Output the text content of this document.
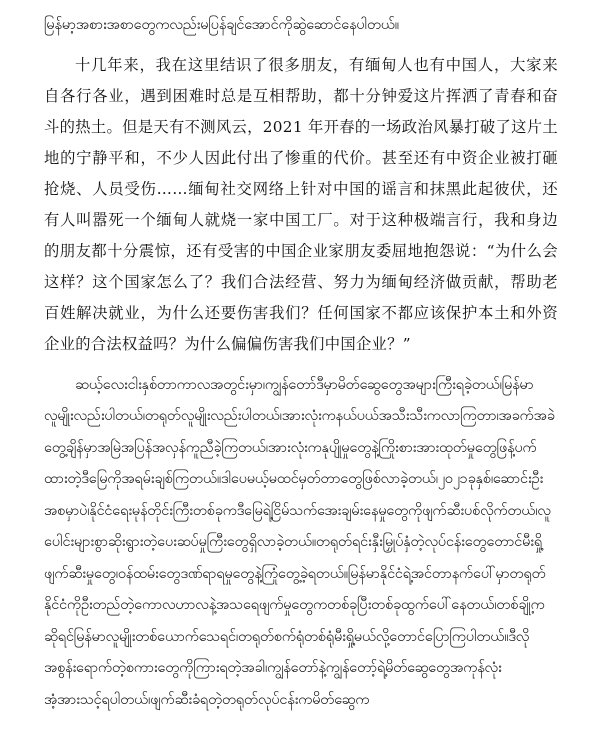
မြန်မာ့အစားအစာတွေကလည်းမပြန်ချင်အောင်ကိုဆွဲဆောင်နေပါတယ်။

十几年来，我在这里结识了很多朋友，有缅甸人也有中国人，大家来自各行各业，遇到困难时总是互相帮助，都十分钟爱这片挥洒了青春和奋斗的热土。但是天有不测风云，2021 年开春的一场政治风暴打破了这片土地的宁静平和，不少人因此付出了惨重的代价。甚至还有中资企业被打砸抢烧、人员受伤……缅甸社交网络上针对中国的谣言和抹黑此起彼伏，还有人叫嚣死一个缅甸人就烧一家中国工厂。对于这种极端言行，我和身边的朋友都十分震惊，还有受害的中国企业家朋友委屈地抱怨说：“为什么会这样？这个国家怎么了？我们合法经营、努力为缅甸经济做贡献，帮助老百姓解决就业，为什么还要伤害我们？任何国家不都应该保护本土和外资企业的合法权益吗？为什么偏偏伤害我们中国企业？”

ဆယ့်လေးငါးနှစ်တာကာလအတွင်းမှာ၊ကျွန်တော်ဒီမှာမိတ်ဆွေတွေအများကြီးရခဲ့တယ်၊မြန်မာလူမျိုးလည်းပါတယ်၊တရုတ်လူမျိုးလည်းပါတယ်၊အားလုံးကနယ်ပယ်အသီးသီးကလာကြတာ၊အခက်အခဲတွေ့ချိန်မှာအမြဲအပြန်အလှန်ကူညီခဲ့ကြတယ်၊အားလုံးကနုပျိုမှုတွေနဲ့ကြိုးစားအားထုတ်မှုတွေဖြန့်ပက်ထားတဲ့ဒီမြေကိုအရမ်းချစ်ကြတယ်။ဒါပေမယ့်မထင်မှတ်တာတွေဖြစ်လာခဲ့တယ်၊၂၀၂၁ခုနှစ်၊ဆောင်းဦးအစမှာပဲ၊နိုင်ငံရေးမုန်တိုင်းကြီးတစ်ခုကဒီမြေရဲ့ငြိမ်သက်အေးချမ်းနေမှုတွေကိုဖျက်ဆီးပစ်လိုက်တယ်၊လူပေါင်းများစွာဆိုးရွားတဲ့ပေးဆပ်မှုကြီးတွေရှိလာခဲ့တယ်။တရုတ်ရင်းနှီးမြှုပ်နှံတဲ့လုပ်ငန်းတွေတောင်မီးရှို့ဖျက်ဆီးမှုတွေ၊ဝန်ထမ်းတွေဒဏ်ရာရမှုတွေနဲ့ကြုံတွေ့ခဲ့ရတယ်။မြန်မာနိုင်ငံရဲ့အင်တာနက်ပေါ်မှာတရုတ်နိုင်ငံကိုဦးတည်တဲ့ကောလဟာလနဲ့အသရေဖျက်မှုတွေကတစ်ခုပြီးတစ်ခုထွက်ပေါ်နေတယ်၊တစ်ချို့ကဆိုရင်မြန်မာလူမျိုးတစ်ယောက်သေရင်၊တရုတ်စက်ရုံတစ်ရုံမီးရှို့မယ်လို့တောင်ပြောကြပါတယ်။ဒီလိုအစွန်းရောက်တဲ့စကားတွေကိုကြားရတဲ့အခါ၊ကျွန်တော်နဲ့ကျွန်တော့်ရဲ့မိတ်ဆွေတွေအကုန်လုံးအံ့အားသင့်ရပါတယ်၊ဖျက်ဆီးခံရတဲ့တရုတ်လုပ်ငန်းကမိတ်ဆွေက
